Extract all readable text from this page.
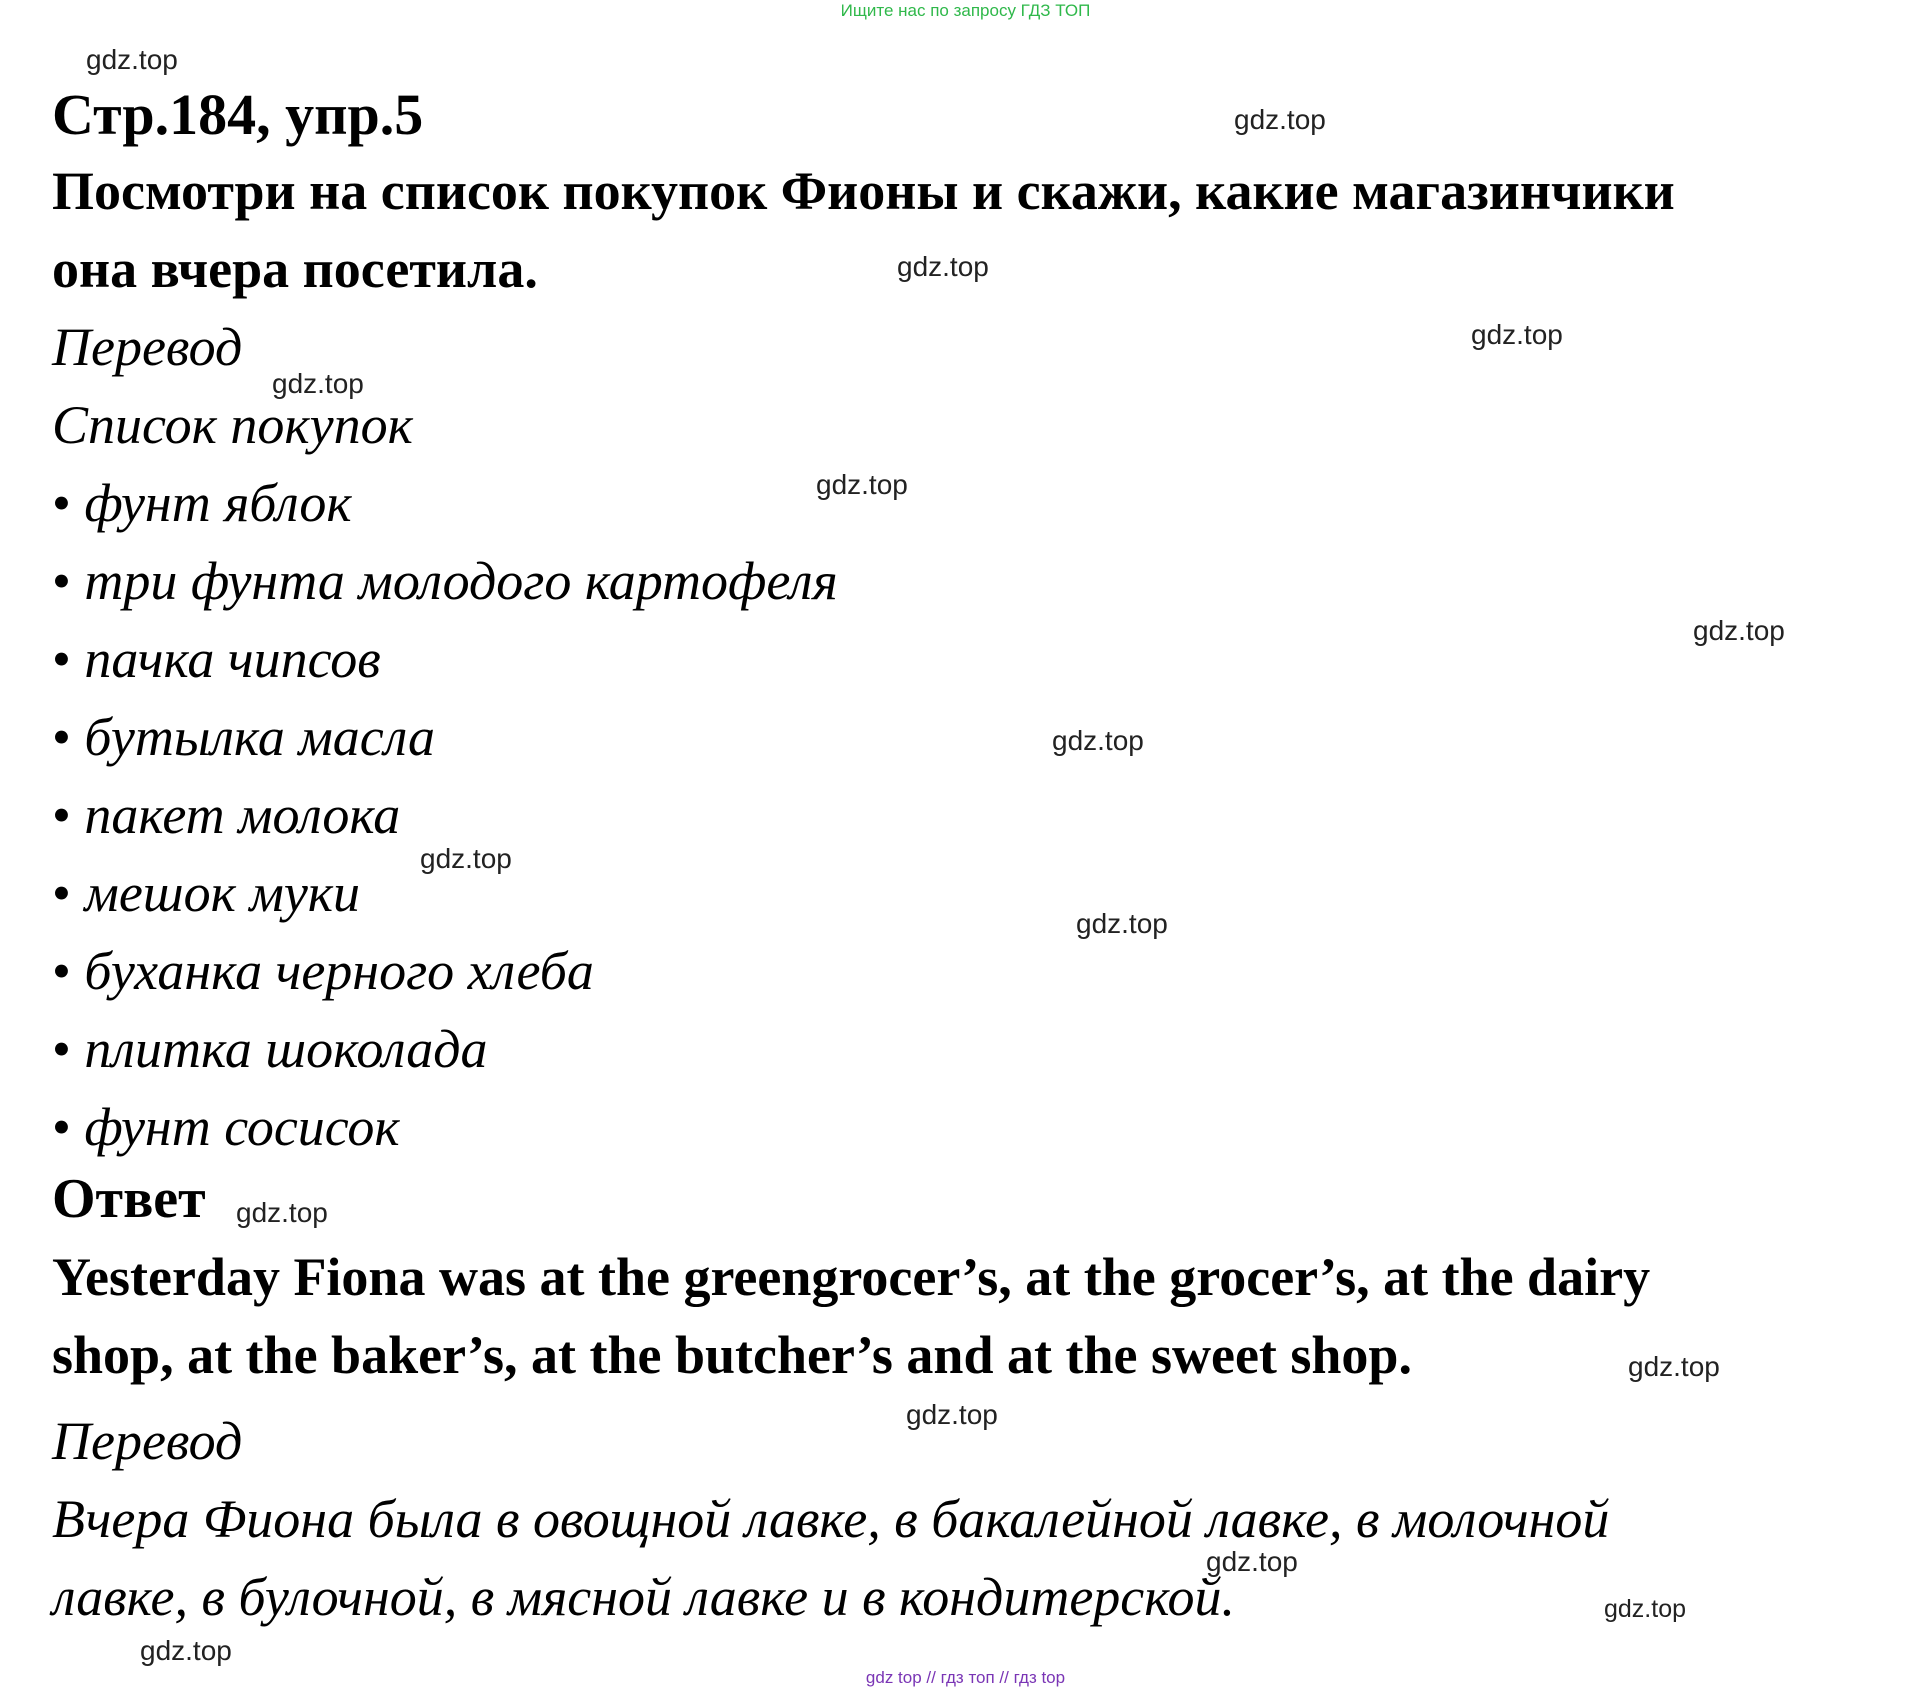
Ищите нас по запросу ГДЗ ТОП
Стр.184, упр.5
Посмотри на список покупок Фионы и скажи, какие магазинчики
она вчера посетила.
Перевод
Список покупок
• фунт яблок
• три фунта молодого картофеля
• пачка чипсов
• бутылка масла
• пакет молока
• мешок муки
• буханка черного хлеба
• плитка шоколада
• фунт сосисок
Ответ
Yesterday Fiona was at the greengrocer’s, at the grocer’s, at the dairy
shop, at the baker’s, at the butcher’s and at the sweet shop.
Перевод
Вчера Фиона была в овощной лавке, в бакалейной лавке, в молочной
лавке, в булочной, в мясной лавке и в кондитерской.
gdz.top
gdz.top
gdz.top
gdz.top
gdz.top
gdz.top
gdz.top
gdz.top
gdz.top
gdz.top
gdz.top
gdz.top
gdz.top
gdz.top
gdz.top
gdz.top
gdz top // гдз топ // гдз top
